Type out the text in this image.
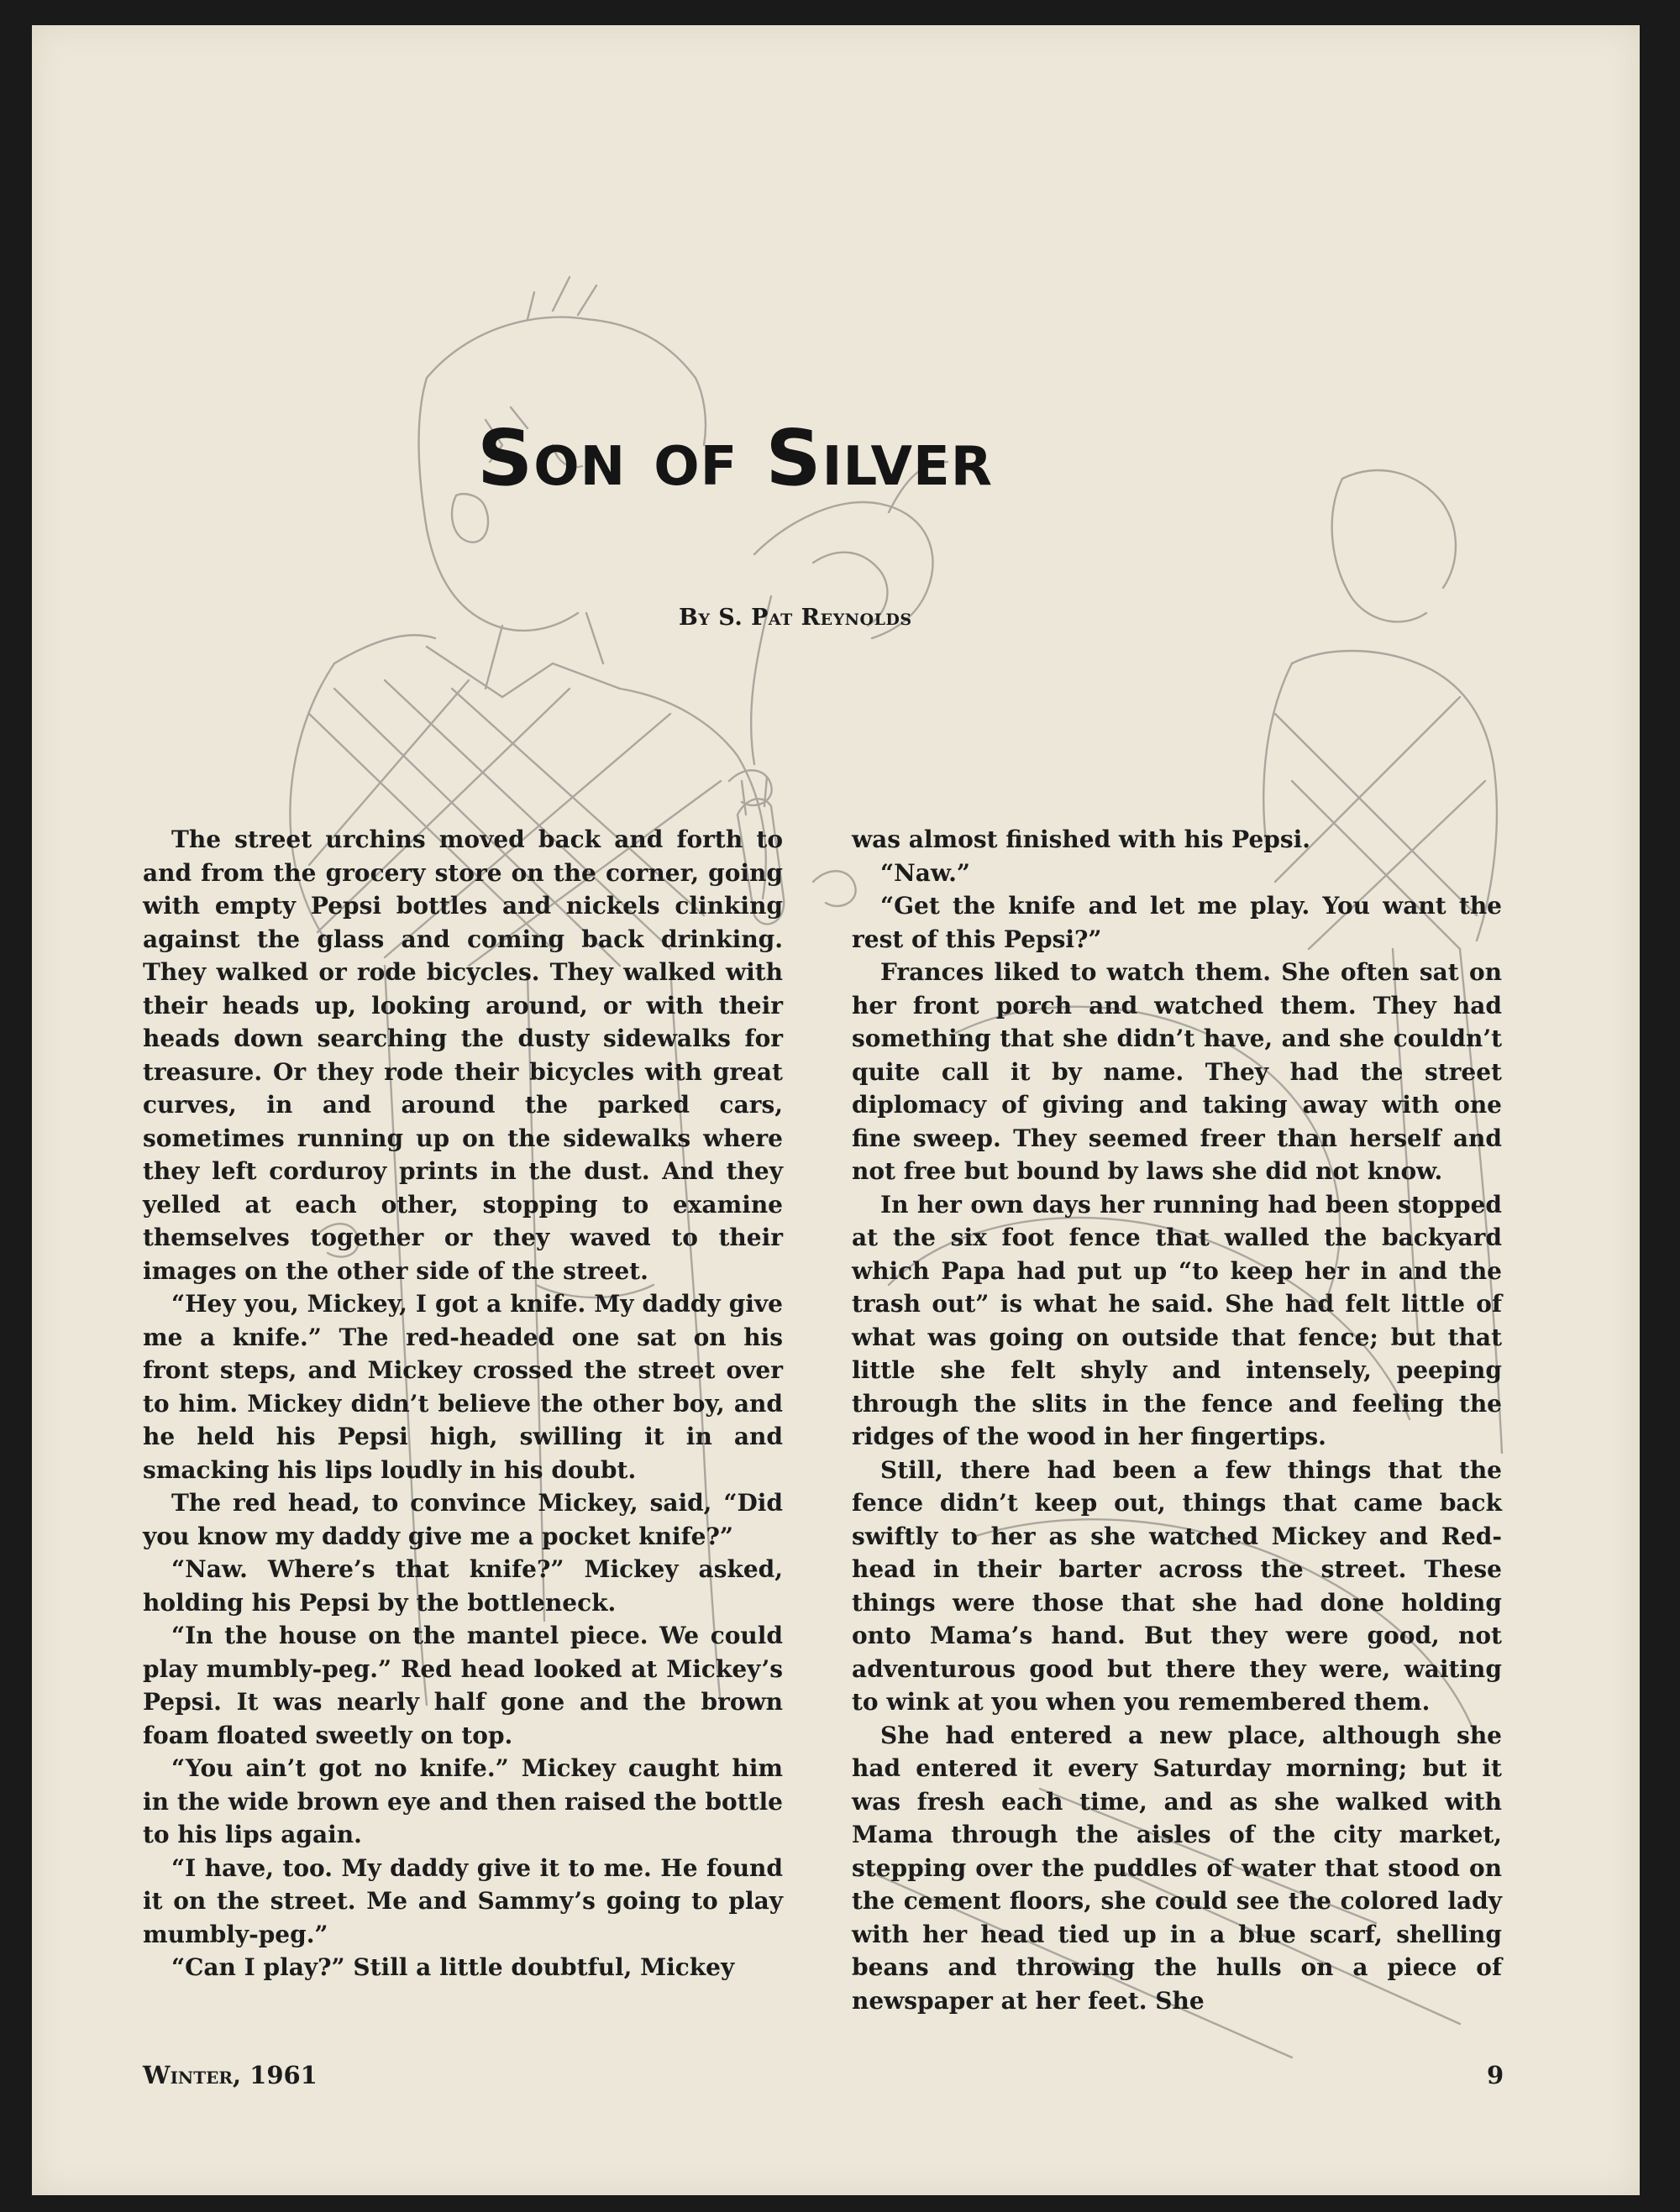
Son of Silver
By S. Pat Reynolds

The street urchins moved back and forth to and from the grocery store on the corner, going with empty Pepsi bottles and nickels clinking against the glass and coming back drinking. They walked or rode bicycles. They walked with their heads up, looking around, or with their heads down searching the dusty sidewalks for treasure. Or they rode their bicycles with great curves, in and around the parked cars, sometimes running up on the sidewalks where they left corduroy prints in the dust. And they yelled at each other, stopping to examine themselves together or they waved to their images on the other side of the street.

“Hey you, Mickey, I got a knife. My daddy give me a knife.” The red-headed one sat on his front steps, and Mickey crossed the street over to him. Mickey didn’t believe the other boy, and he held his Pepsi high, swilling it in and smacking his lips loudly in his doubt.

The red head, to convince Mickey, said, “Did you know my daddy give me a pocket knife?”

“Naw. Where’s that knife?” Mickey asked, holding his Pepsi by the bottleneck.

“In the house on the mantel piece. We could play mumbly-peg.” Red head looked at Mickey’s Pepsi. It was nearly half gone and the brown foam floated sweetly on top.

“You ain’t got no knife.” Mickey caught him in the wide brown eye and then raised the bottle to his lips again.

“I have, too. My daddy give it to me. He found it on the street. Me and Sammy’s going to play mumbly-peg.”

“Can I play?” Still a little doubtful, Mickey

was almost finished with his Pepsi.

“Naw.”

“Get the knife and let me play. You want the rest of this Pepsi?”

Frances liked to watch them. She often sat on her front porch and watched them. They had something that she didn’t have, and she couldn’t quite call it by name. They had the street diplomacy of giving and taking away with one fine sweep. They seemed freer than herself and not free but bound by laws she did not know.

In her own days her running had been stopped at the six foot fence that walled the backyard which Papa had put up “to keep her in and the trash out” is what he said. She had felt little of what was going on outside that fence; but that little she felt shyly and intensely, peeping through the slits in the fence and feeling the ridges of the wood in her fingertips.

Still, there had been a few things that the fence didn’t keep out, things that came back swiftly to her as she watched Mickey and Red-head in their barter across the street. These things were those that she had done holding onto Mama’s hand. But they were good, not adventurous good but there they were, waiting to wink at you when you remembered them.

She had entered a new place, although she had entered it every Saturday morning; but it was fresh each time, and as she walked with Mama through the aisles of the city market, stepping over the puddles of water that stood on the cement floors, she could see the colored lady with her head tied up in a blue scarf, shelling beans and throwing the hulls on a piece of newspaper at her feet. She

Winter, 1961	9
